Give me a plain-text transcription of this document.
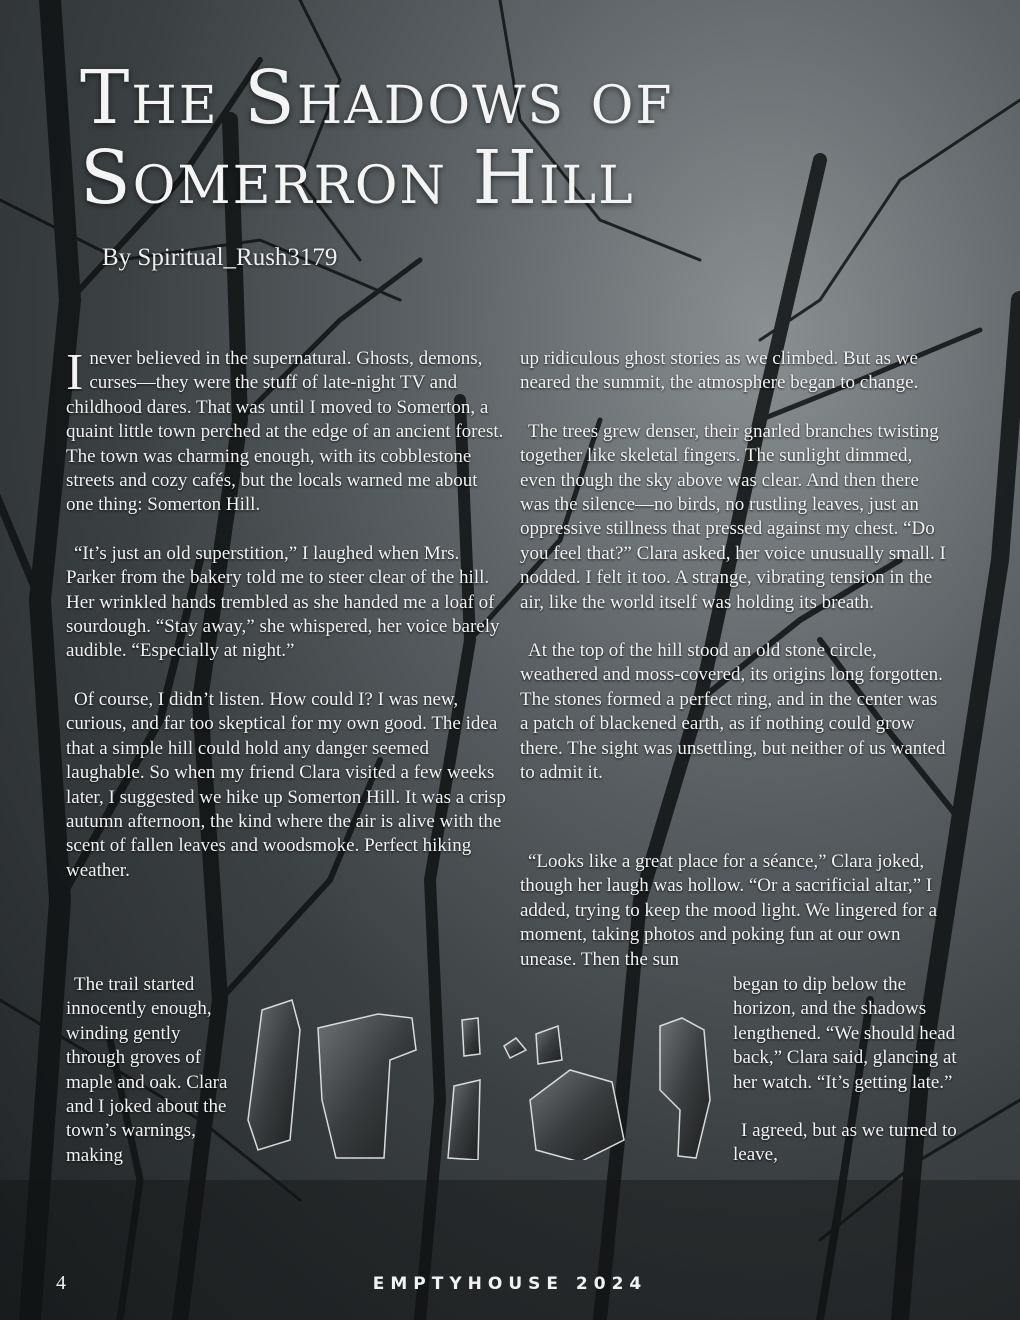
The Shadows of
Somerron Hill
By Spiritual_Rush3179

Inever believed in the supernatural. Ghosts, demons, curses—they were the stuff of late-night TV and childhood dares. That was until I moved to Somerton, a quaint little town perched at the edge of an ancient forest. The town was charming enough, with its cobblestone streets and cozy cafés, but the locals warned me about one thing: Somerton Hill.

“It’s just an old superstition,” I laughed when Mrs. Parker from the bakery told me to steer clear of the hill. Her wrinkled hands trembled as she handed me a loaf of sourdough. “Stay away,” she whispered, her voice barely audible. “Especially at night.”

Of course, I didn’t listen. How could I? I was new, curious, and far too skeptical for my own good. The idea that a simple hill could hold any danger seemed laughable. So when my friend Clara visited a few weeks later, I suggested we hike up Somerton Hill. It was a crisp autumn afternoon, the kind where the air is alive with the scent of fallen leaves and woodsmoke. Perfect hiking weather.

The trail started innocently enough, winding gently through groves of maple and oak. Clara and I joked about the town’s warnings, making

up ridiculous ghost stories as we climbed. But as we neared the summit, the atmosphere began to change.

The trees grew denser, their gnarled branches twisting together like skeletal fingers. The sunlight dimmed, even though the sky above was clear. And then there was the silence—no birds, no rustling leaves, just an oppressive stillness that pressed against my chest. “Do you feel that?” Clara asked, her voice unusually small. I nodded. I felt it too. A strange, vibrating tension in the air, like the world itself was holding its breath.

At the top of the hill stood an old stone circle, weathered and moss-covered, its origins long forgotten. The stones formed a perfect ring, and in the center was a patch of blackened earth, as if nothing could grow there. The sight was unsettling, but neither of us wanted to admit it.

“Looks like a great place for a séance,” Clara joked, though her laugh was hollow. “Or a sacrificial altar,” I added, trying to keep the mood light. We lingered for a moment, taking photos and poking fun at our own unease. Then the sun

began to dip below the horizon, and the shadows lengthened. “We should head back,” Clara said, glancing at her watch. “It’s getting late.”

I agreed, but as we turned to leave,

4	EMPTYHOUSE 2024
